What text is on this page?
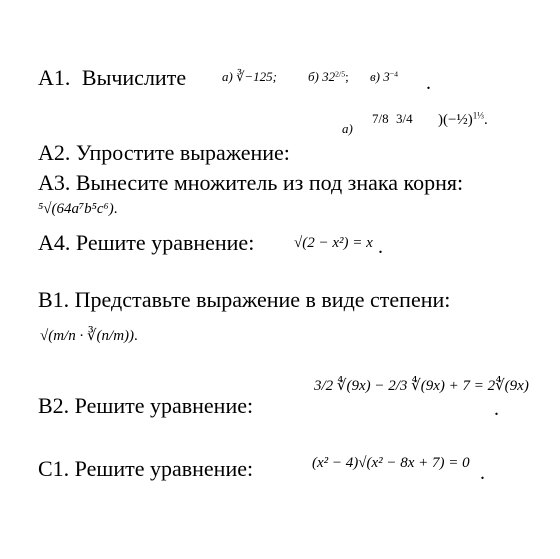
A1. Вычислите	а) ∛−125; б) $32^{2/5}$; в) $3^{-4}$ .
а)
7/8 3/4 )(−½)$^{1\frac{1}{3}}$.
A2. Упростите выражение:
A3. Вынесите множитель из под знака корня:
⁵√(64a⁷b⁵c⁶).
A4. Решите уравнение:	√(2 − x²) = x .
B1. Представьте выражение в виде степени:
√(m/n · ∛(n/m)).
3/2 ∜(9x) − 2/3 ∜(9x) + 7 = 2∜(9x)
B2. Решите уравнение:	.
C1. Решите уравнение:	(x² − 4)√(x² − 8x + 7) = 0 .
